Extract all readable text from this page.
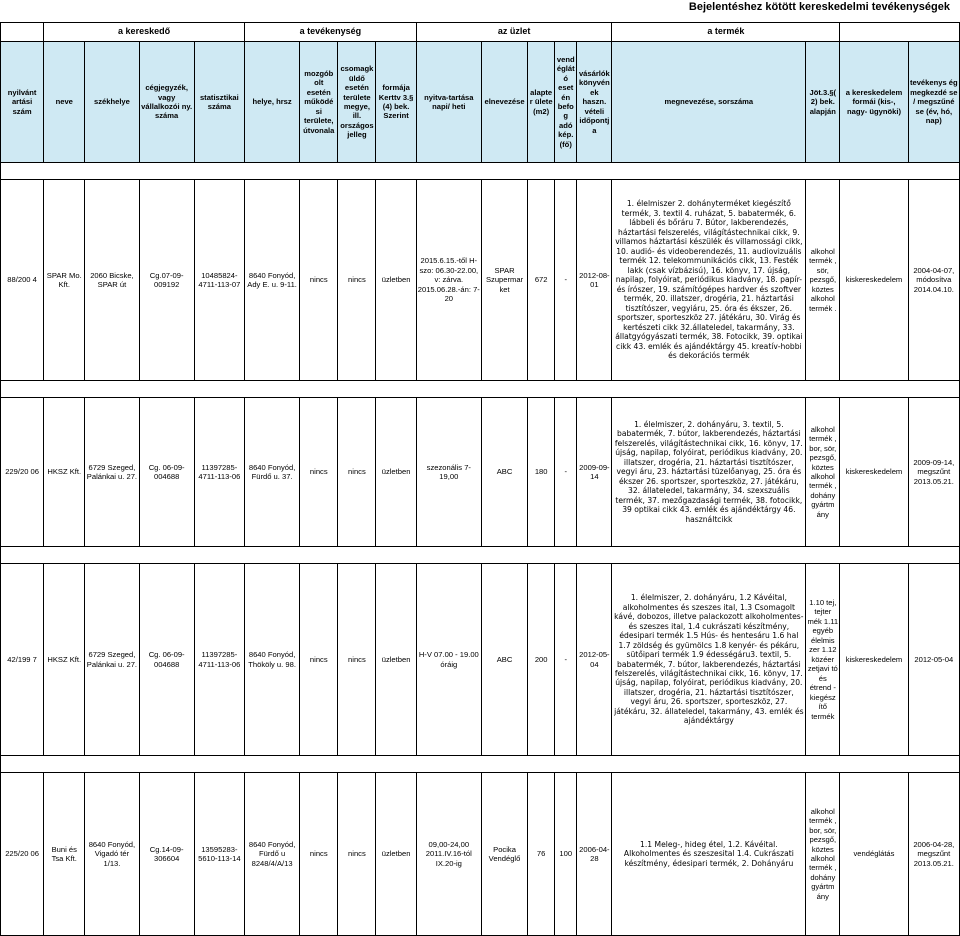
Bejelentéshez kötött kereskedelmi tevékenységek
	a kereskedő				a tevékenység				az üzlet					a termék			
nyilvánt artási szám	neve	székhelye	cégjegyzék, vagy vállalkozói ny. száma	statisztikai száma	helye, hrsz	mozgób olt esetén működé si területe, útvonala	csomagk üldő esetén területe megye, ill. országos jelleg	formája Kerttv 3.§ (4) bek. Szerint	nyitva-tartása napi/ heti	elnevezése	alapter ülete (m2)	vend églát ó esetén befog adó kép. (fő)	vásárlók könyvén ek haszn. vételi időpontj a	megnevezése, sorszáma	Jöt.3.§( 2) bek. alapján	a kereskedelem formái (kis-, nagy- ügynöki)	tevékenys ég megkezdé se / megszűné se (év, hó, nap)

88/200 4	SPAR Mo. Kft.	2060 Bicske, SPAR út	Cg.07-09-009192	10485824-4711-113-07	8640 Fonyód, Ady E. u. 9-11.	nincs	nincs	üzletben	2015.6.15.-től H-szo: 06.30-22.00, v: zárva. 2015.06.28.-án: 7-20	SPAR Szupermar ket	672	-	2012-08-01	1. élelmiszer 2. dohányterméket kiegészítő termék, 3. textil 4. ruházat, 5. babatermék, 6. lábbeli és bőráru 7. Bútor, lakberendezés, háztartási felszerelés, világítástechnikai cikk, 9. villamos háztartási készülék és villamossági cikk, 10. audió- és videoberendezés, 11. audiovizuális termék 12. telekommunikációs cikk, 13. Festék lakk (csak vízbázisú), 16. könyv, 17. újság, napilap, folyóirat, periódikus kiadvány, 18. papír- és írószer, 19. számítógépes hardver és szoftver termék, 20. illatszer, drogéria, 21. háztartási tisztítószer, vegyiáru, 25. óra és ékszer, 26. sportszer, sporteszköz 27. játékáru, 30. Virág és kertészeti cikk 32.állateledel, takarmány, 33. állatgyógyászati termék, 38. Fotocikk, 39. optikai cikk 43. emlék és ajándéktárgy 45. kreatív-hobbi és dekorációs termék	alkohol termék , sör, pezsgő, köztes alkohol termék .	kiskereskedelem	2004-04-07, módosítva 2014.04.10.

229/20 06	HKSZ Kft.	6729 Szeged, Palánkai u. 27.	Cg. 06-09-004688	11397285-4711-113-06	8640 Fonyód, Fürdő u. 37.	nincs	nincs	üzletben	szezonális 7-19,00	ABC	180	-	2009-09-14	1. élelmiszer, 2. dohányáru, 3. textil, 5. babatermék, 7. bútor, lakberendezés, háztartási felszerelés, világítástechnikai cikk, 16. könyv, 17. újság, napilap, folyóirat, periódikus kiadvány, 20. illatszer, drogéria, 21. háztartási tisztítószer, vegyi áru, 23. háztartási tüzelőanyag, 25. óra és ékszer 26. sportszer, sporteszköz, 27. játékáru, 32. állateledel, takarmány, 34. szexszuális termék, 37. mezőgazdasági termék, 38. fotocikk, 39 optikai cikk 43. emlék és ajándéktárgy 46. használtcikk	alkohol termék , bor, sör, pezsgő, köztes alkohol termék , dohány gyártm ány	kiskereskedelem	2009-09-14, megszűnt 2013.05.21.

42/199 7	HKSZ Kft.	6729 Szeged, Palánkai u. 27.	Cg. 06-09-004688	11397285-4711-113-06	8640 Fonyód, Thököly u. 98.	nincs	nincs	üzletben	H-V 07.00 - 19.00 óráig	ABC	200	-	2012-05-04	1. élelmiszer, 2. dohányáru, 1.2 Kávéital, alkoholmentes és szeszes ital, 1.3 Csomagolt kávé, dobozos, illetve palackozott alkoholmentes- és szeszes ital, 1.4 cukrászati készítmény, édesipari termék 1.5 Hús- és hentesáru 1.6 hal 1.7 zöldség és gyümölcs 1.8 kenyér- és pékáru, sütőipari termék 1.9 édességáru3. textil, 5. babatermék, 7. bútor, lakberendezés, háztartási felszerelés, világítástechnikai cikk, 16. könyv, 17. újság, napilap, folyóirat, periódikus kiadvány, 20. illatszer, drogéria, 21. háztartási tisztítószer, vegyi áru, 26. sportszer, sporteszköz, 27. játékáru, 32. állateledel, takarmány, 43. emlék és ajándéktárgy	1.10 tej, tejter mék 1.11 egyéb élelmis zer 1.12 közéer zetjavi tó és étrend - kiegész ítő termék	kiskereskedelem	2012-05-04

225/20 06	Buni és Tsa Kft.	8640 Fonyód, Vigadó tér 1/13.	Cg.14-09-306604	13595283-5610-113-14	8640 Fonyód, Fürdő u 8248/4/A/13	nincs	nincs	üzletben	09,00-24,00 2011.IV.16-tól IX.20-ig	Pocika Vendéglő	76	100	2006-04-28	1.1 Meleg-, hideg étel, 1.2. Kávéital. Alkoholmentes és szeszesital 1.4. Cukrászati készítmény, édesipari termék, 2. Dohányáru	alkohol termék , bor, sör, pezsgő, köztes alkohol termék , dohány gyártm ány	vendéglátás	2006-04-28, megszűnt 2013.05.21.
